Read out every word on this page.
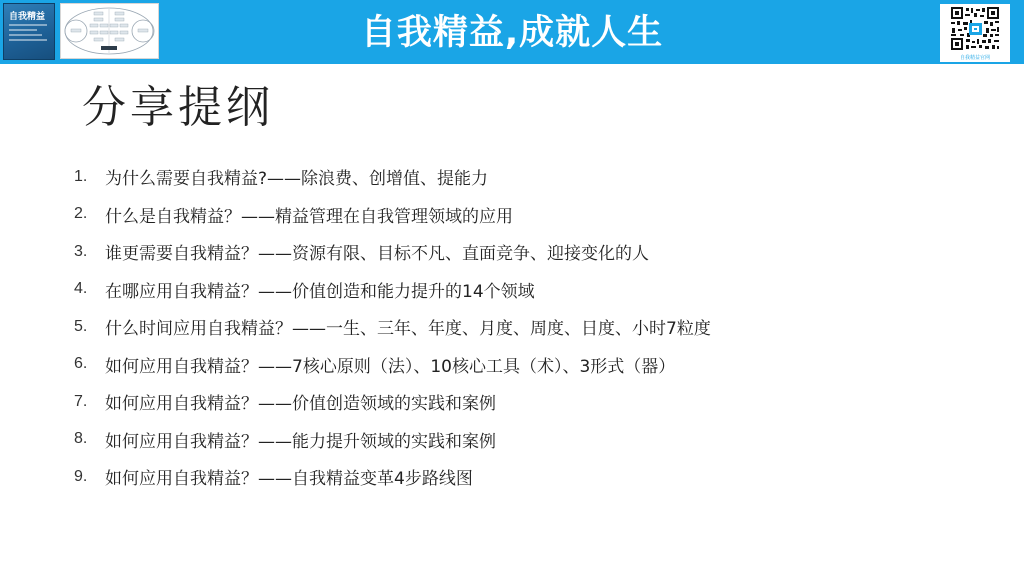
自我精益	自我精益,成就人生
自我精益官网
分享提纲
1.	为什么需要自我精益?——除浪费、创增值、提能力
2.	什么是自我精益？——精益管理在自我管理领域的应用
3.	谁更需要自我精益？——资源有限、目标不凡、直面竞争、迎接变化的人
4.	在哪应用自我精益？——价值创造和能力提升的14个领域
5.	什么时间应用自我精益？——一生、三年、年度、月度、周度、日度、小时7粒度
6.	如何应用自我精益？——7核心原则（法）、10核心工具（术）、3形式（器）
7.	如何应用自我精益？——价值创造领域的实践和案例
8.	如何应用自我精益？——能力提升领域的实践和案例
9.	如何应用自我精益？——自我精益变革4步路线图
